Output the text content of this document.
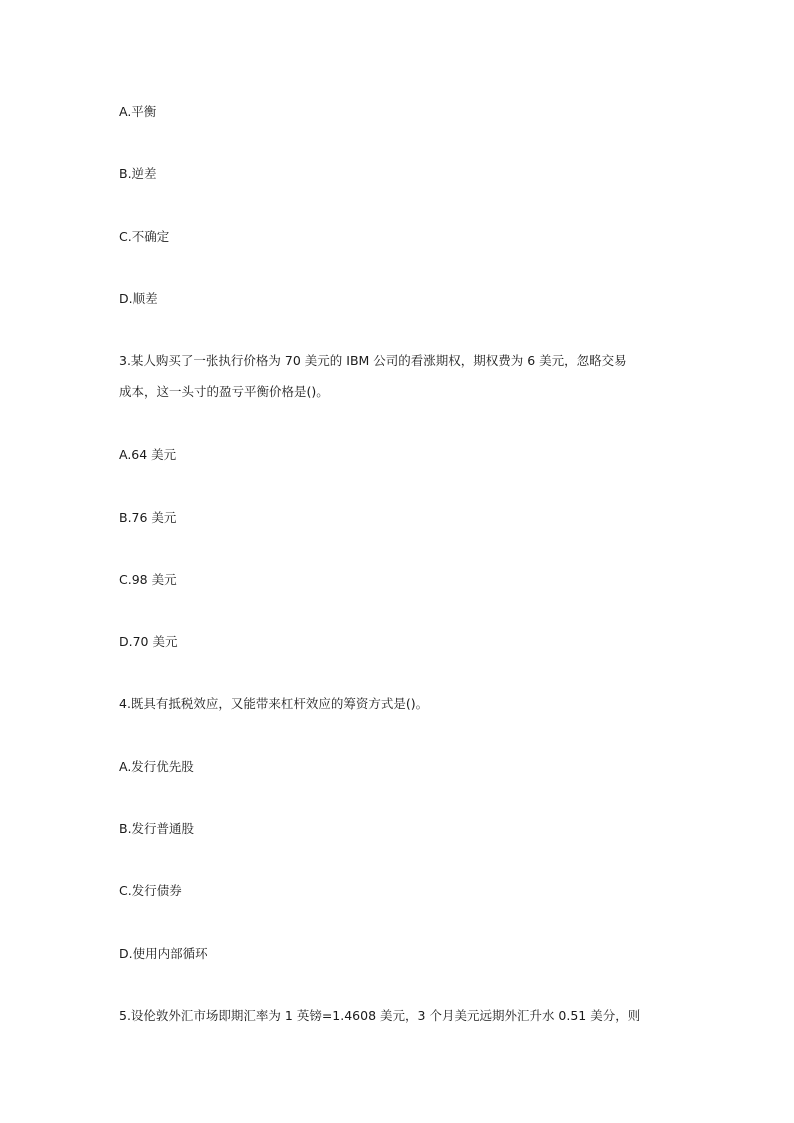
A.平衡
B.逆差
C.不确定
D.顺差
3.某人购买了一张执行价格为 70 美元的 IBM 公司的看涨期权，期权费为 6 美元，忽略交易
成本，这一头寸的盈亏平衡价格是()。
A.64 美元
B.76 美元
C.98 美元
D.70 美元
4.既具有抵税效应，又能带来杠杆效应的筹资方式是()。
A.发行优先股
B.发行普通股
C.发行债券
D.使用内部循环
5.设伦敦外汇市场即期汇率为 1 英镑=1.4608 美元，3 个月美元远期外汇升水 0.51 美分，则
